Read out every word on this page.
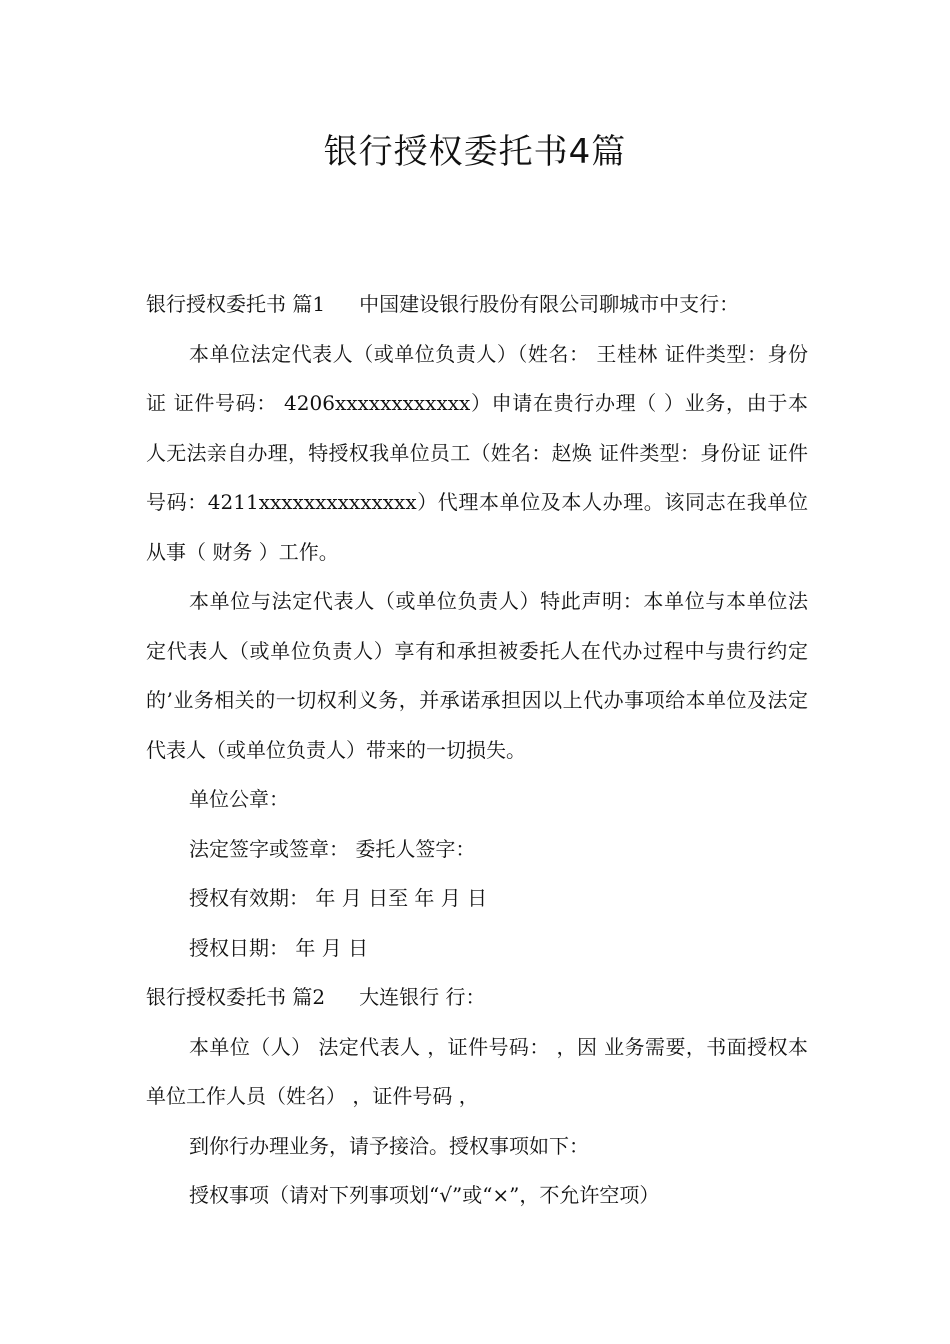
银行授权委托书4篇

银行授权委托书 篇1 中国建设银行股份有限公司聊城市中支行：

本单位法定代表人（或单位负责人）（姓名： 王桂林 证件类型：身份证 证件号码： 4206xxxxxxxxxxxx）申请在贵行办理（ ）业务，由于本人无法亲自办理，特授权我单位员工（姓名：赵焕 证件类型：身份证 证件号码：4211xxxxxxxxxxxxxx）代理本单位及本人办理。该同志在我单位从事（ 财务 ）工作。

本单位与法定代表人（或单位负责人）特此声明：本单位与本单位法定代表人（或单位负责人）享有和承担被委托人在代办过程中与贵行约定的’业务相关的一切权利义务，并承诺承担因以上代办事项给本单位及法定代表人（或单位负责人）带来的一切损失。

单位公章：

法定签字或签章： 委托人签字：

授权有效期： 年 月 日至 年 月 日

授权日期： 年 月 日

银行授权委托书 篇2 大连银行 行：

本单位（人） 法定代表人 ，证件号码： ，因 业务需要，书面授权本单位工作人员（姓名） ，证件号码 ，

到你行办理业务，请予接洽。授权事项如下：

授权事项（请对下列事项划“√”或“×”，不允许空项）
